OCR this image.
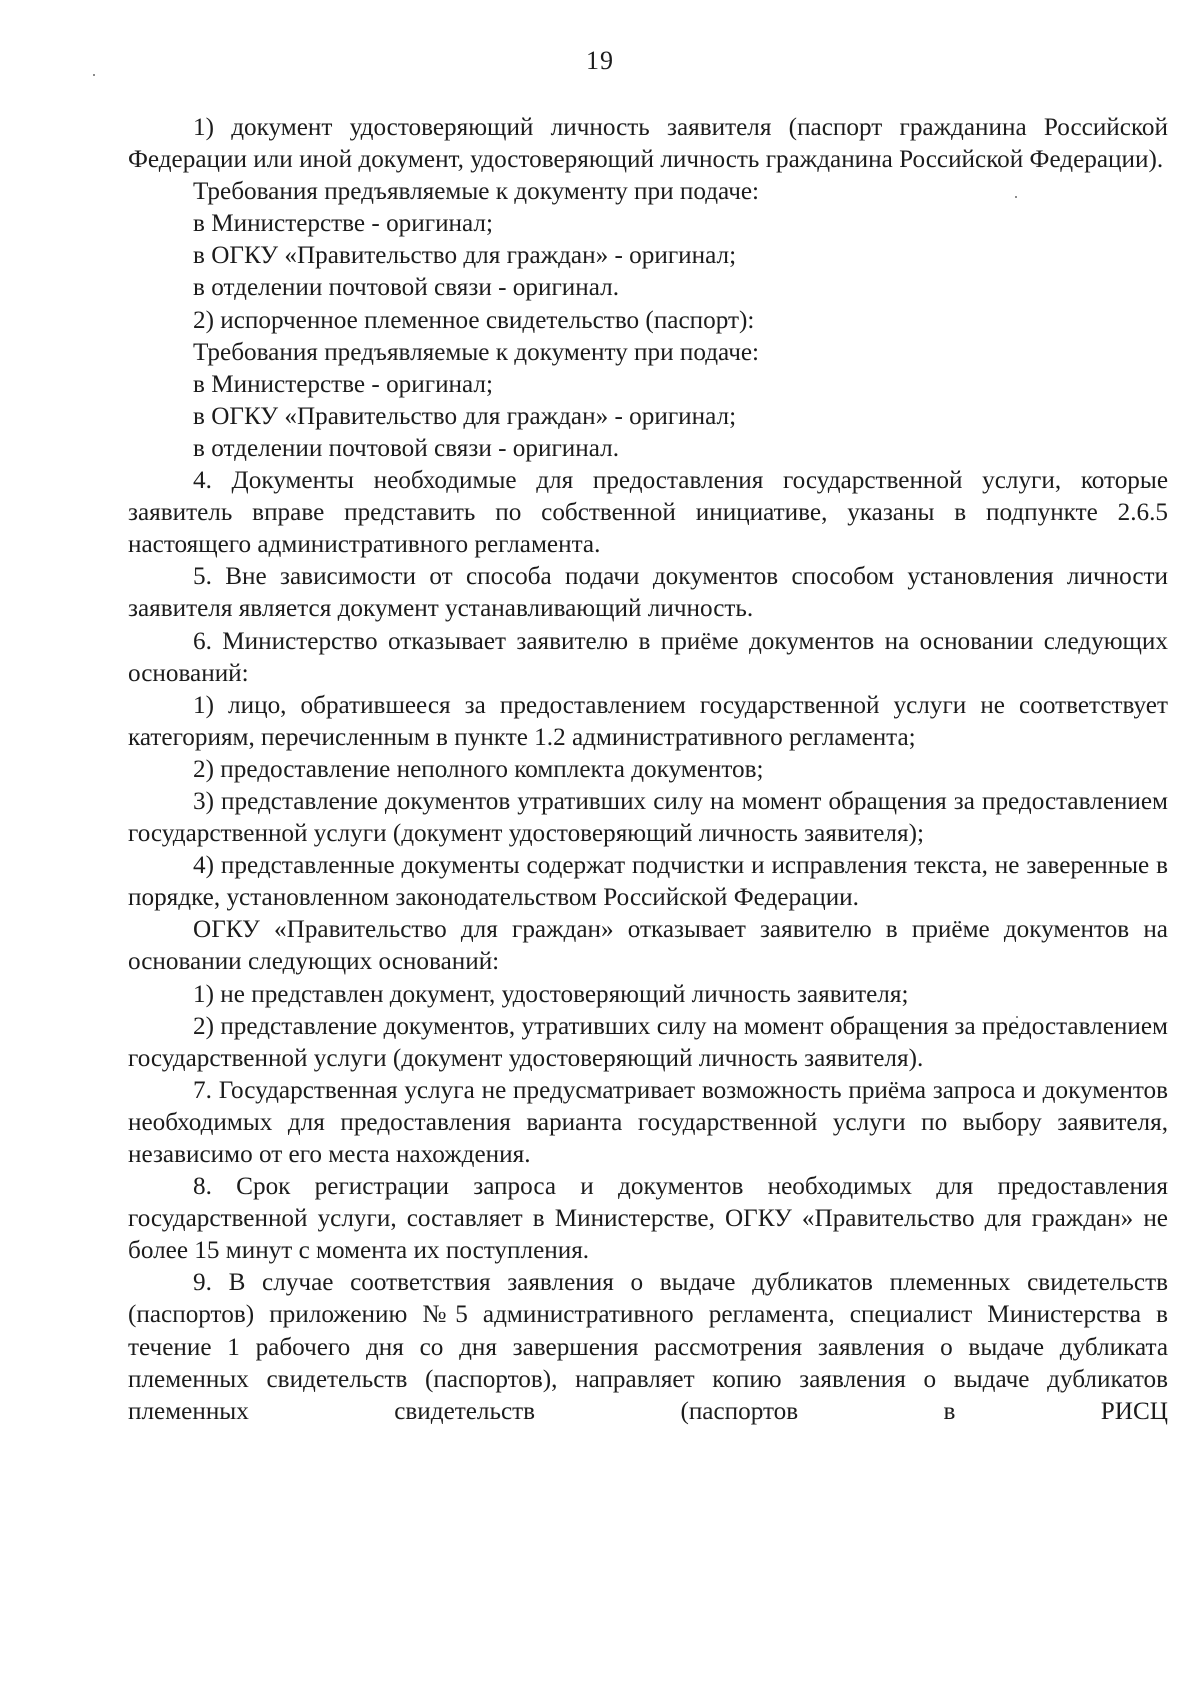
19

1) документ удостоверяющий личность заявителя (паспорт гражданина Российской Федерации или иной документ, удостоверяющий личность гражданина Российской Федерации).

Требования предъявляемые к документу при подаче:

в Министерстве - оригинал;

в ОГКУ «Правительство для граждан» - оригинал;

в отделении почтовой связи - оригинал.

2) испорченное племенное свидетельство (паспорт):

Требования предъявляемые к документу при подаче:

в Министерстве - оригинал;

в ОГКУ «Правительство для граждан» - оригинал;

в отделении почтовой связи - оригинал.

4. Документы необходимые для предоставления государственной услуги, которые заявитель вправе представить по собственной инициативе, указаны в подпункте 2.6.5 настоящего административного регламента.

5. Вне зависимости от способа подачи документов способом установления личности заявителя является документ устанавливающий личность.

6. Министерство отказывает заявителю в приёме документов на основании следующих оснований:

1) лицо, обратившееся за предоставлением государственной услуги не соответствует категориям, перечисленным в пункте 1.2 административного регламента;

2) предоставление неполного комплекта документов;

3) представление документов утративших силу на момент обращения за предоставлением государственной услуги (документ удостоверяющий личность заявителя);

4) представленные документы содержат подчистки и исправления текста, не заверенные в порядке, установленном законодательством Российской Федерации.

ОГКУ «Правительство для граждан» отказывает заявителю в приёме документов на основании следующих оснований:

1) не представлен документ, удостоверяющий личность заявителя;

2) представление документов, утративших силу на момент обращения за предоставлением государственной услуги (документ удостоверяющий личность заявителя).

7. Государственная услуга не предусматривает возможность приёма запроса и документов необходимых для предоставления варианта государственной услуги по выбору заявителя, независимо от его места нахождения.

8. Срок регистрации запроса и документов необходимых для предоставления государственной услуги, составляет в Министерстве, ОГКУ «Правительство для граждан» не более 15 минут с момента их поступления.

9. В случае соответствия заявления о выдаче дубликатов племенных свидетельств (паспортов) приложению №5 административного регламента, специалист Министерства в течение 1 рабочего дня со дня завершения рассмотрения заявления о выдаче дубликата племенных свидетельств (паспортов), направляет копию заявления о выдаче дубликатов племенных свидетельств (паспортов в РИСЦ
